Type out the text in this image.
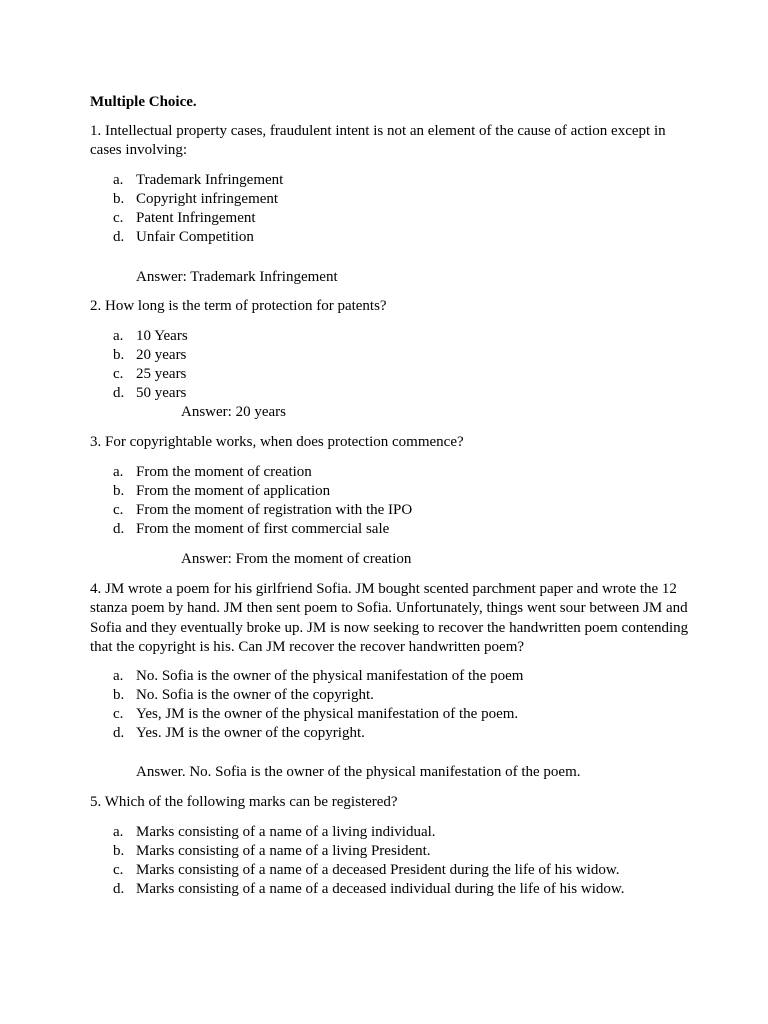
Multiple Choice.
1. Intellectual property cases, fraudulent intent is not an element of the cause of action except in cases involving:
a. Trademark Infringement
b. Copyright infringement
c. Patent Infringement
d. Unfair Competition
Answer: Trademark Infringement
2. How long is the term of protection for patents?
a. 10 Years
b. 20 years
c. 25 years
d. 50 years
Answer: 20 years
3. For copyrightable works, when does protection commence?
a. From the moment of creation
b. From the moment of application
c. From the moment of registration with the IPO
d. From the moment of first commercial sale
Answer: From the moment of creation
4. JM wrote a poem for his girlfriend Sofia. JM bought scented parchment paper and wrote the 12 stanza poem by hand. JM then sent poem to Sofia. Unfortunately, things went sour between JM and Sofia and they eventually broke up. JM is now seeking to recover the handwritten poem contending that the copyright is his. Can JM recover the recover handwritten poem?
a. No. Sofia is the owner of the physical manifestation of the poem
b. No. Sofia is the owner of the copyright.
c. Yes, JM is the owner of the physical manifestation of the poem.
d. Yes. JM is the owner of the copyright.
Answer. No. Sofia is the owner of the physical manifestation of the poem.
5. Which of the following marks can be registered?
a. Marks consisting of a name of a living individual.
b. Marks consisting of a name of a living President.
c. Marks consisting of a name of a deceased President during the life of his widow.
d. Marks consisting of a name of a deceased individual during the life of his widow.
